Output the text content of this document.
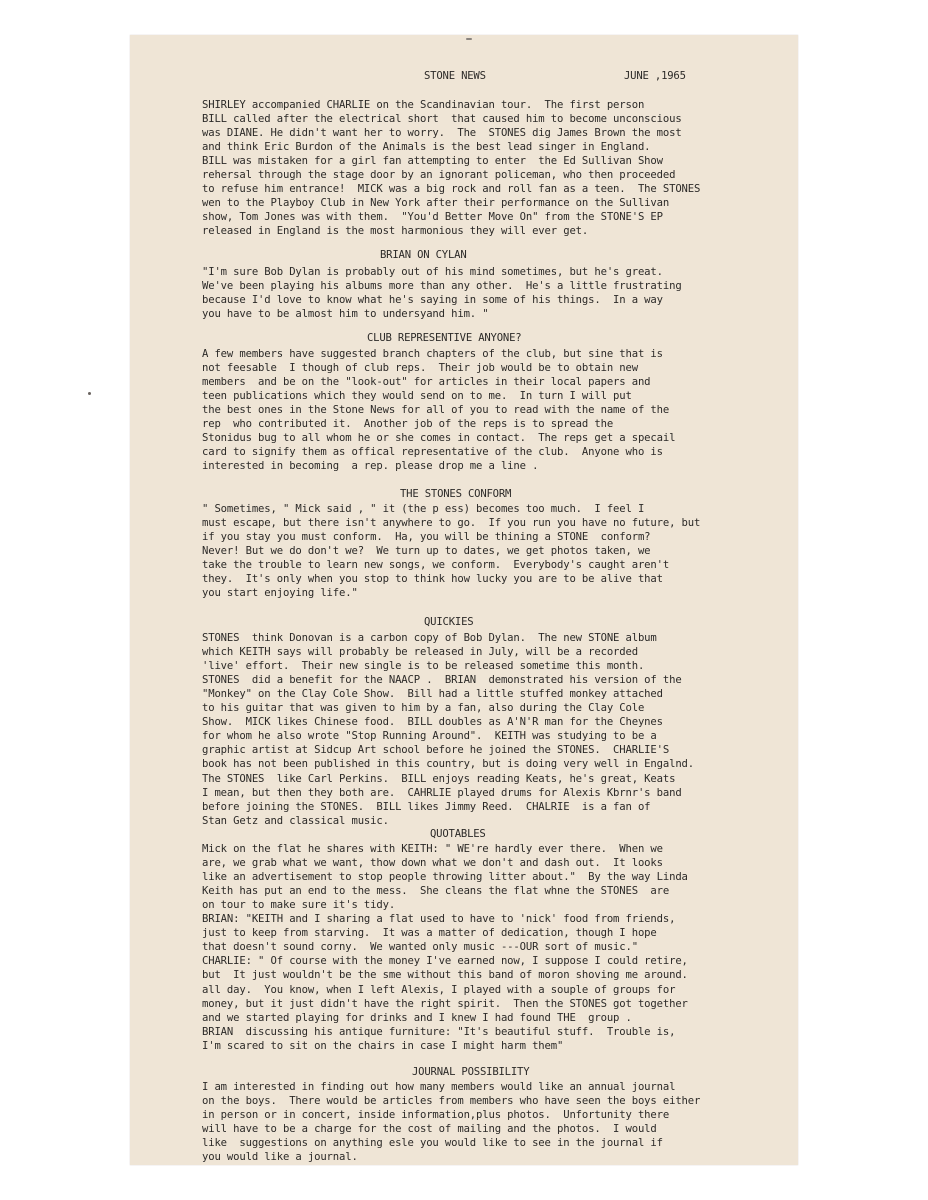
STONE NEWS	JUNE ,1965
SHIRLEY accompanied CHARLIE on the Scandinavian tour.  The first person
BILL called after the electrical short  that caused him to become unconscious
was DIANE. He didn't want her to worry.  The  STONES dig James Brown the most
and think Eric Burdon of the Animals is the best lead singer in England.
BILL was mistaken for a girl fan attempting to enter  the Ed Sullivan Show
rehersal through the stage door by an ignorant policeman, who then proceeded
to refuse him entrance!  MICK was a big rock and roll fan as a teen.  The STONES
wen to the Playboy Club in New York after their performance on the Sullivan
show, Tom Jones was with them.  "You'd Better Move On" from the STONE'S EP
released in England is the most harmonious they will ever get.
BRIAN ON CYLAN
"I'm sure Bob Dylan is probably out of his mind sometimes, but he's great.
We've been playing his albums more than any other.  He's a little frustrating
because I'd love to know what he's saying in some of his things.  In a way
you have to be almost him to undersyand him. "
CLUB REPRESENTIVE ANYONE?
A few members have suggested branch chapters of the club, but sine that is
not feesable  I though of club reps.  Their job would be to obtain new
members  and be on the "look-out" for articles in their local papers and
teen publications which they would send on to me.  In turn I will put
the best ones in the Stone News for all of you to read with the name of the
rep  who contributed it.  Another job of the reps is to spread the
Stonidus bug to all whom he or she comes in contact.  The reps get a specail
card to signify them as offical representative of the club.  Anyone who is
interested in becoming  a rep. please drop me a line .
THE STONES CONFORM
" Sometimes, " Mick said , " it (the p ess) becomes too much.  I feel I
must escape, but there isn't anywhere to go.  If you run you have no future, but
if you stay you must conform.  Ha, you will be thining a STONE  conform?
Never! But we do don't we?  We turn up to dates, we get photos taken, we
take the trouble to learn new songs, we conform.  Everybody's caught aren't
they.  It's only when you stop to think how lucky you are to be alive that
you start enjoying life."
QUICKIES
STONES  think Donovan is a carbon copy of Bob Dylan.  The new STONE album
which KEITH says will probably be released in July, will be a recorded
'live' effort.  Their new single is to be released sometime this month.
STONES  did a benefit for the NAACP .  BRIAN  demonstrated his version of the
"Monkey" on the Clay Cole Show.  Bill had a little stuffed monkey attached
to his guitar that was given to him by a fan, also during the Clay Cole
Show.  MICK likes Chinese food.  BILL doubles as A'N'R man for the Cheynes
for whom he also wrote "Stop Running Around".  KEITH was studying to be a
graphic artist at Sidcup Art school before he joined the STONES.  CHARLIE'S
book has not been published in this country, but is doing very well in Engalnd.
The STONES  like Carl Perkins.  BILL enjoys reading Keats, he's great, Keats
I mean, but then they both are.  CAHRLIE played drums for Alexis Kbrnr's band
before joining the STONES.  BILL likes Jimmy Reed.  CHALRIE  is a fan of
Stan Getz and classical music.
QUOTABLES
Mick on the flat he shares with KEITH: " WE're hardly ever there.  When we
are, we grab what we want, thow down what we don't and dash out.  It looks
like an advertisement to stop people throwing litter about."  By the way Linda
Keith has put an end to the mess.  She cleans the flat whne the STONES  are
on tour to make sure it's tidy.
BRIAN: "KEITH and I sharing a flat used to have to 'nick' food from friends,
just to keep from starving.  It was a matter of dedication, though I hope
that doesn't sound corny.  We wanted only music ---OUR sort of music."
CHARLIE: " Of course with the money I've earned now, I suppose I could retire,
but  It just wouldn't be the sme without this band of moron shoving me around.
all day.  You know, when I left Alexis, I played with a souple of groups for
money, but it just didn't have the right spirit.  Then the STONES got together
and we started playing for drinks and I knew I had found THE  group .
BRIAN  discussing his antique furniture: "It's beautiful stuff.  Trouble is,
I'm scared to sit on the chairs in case I might harm them"
JOURNAL POSSIBILITY
I am interested in finding out how many members would like an annual journal
on the boys.  There would be articles from members who have seen the boys either
in person or in concert, inside information,plus photos.  Unfortunity there
will have to be a charge for the cost of mailing and the photos.  I would
like  suggestions on anything esle you would like to see in the journal if
you would like a journal.
